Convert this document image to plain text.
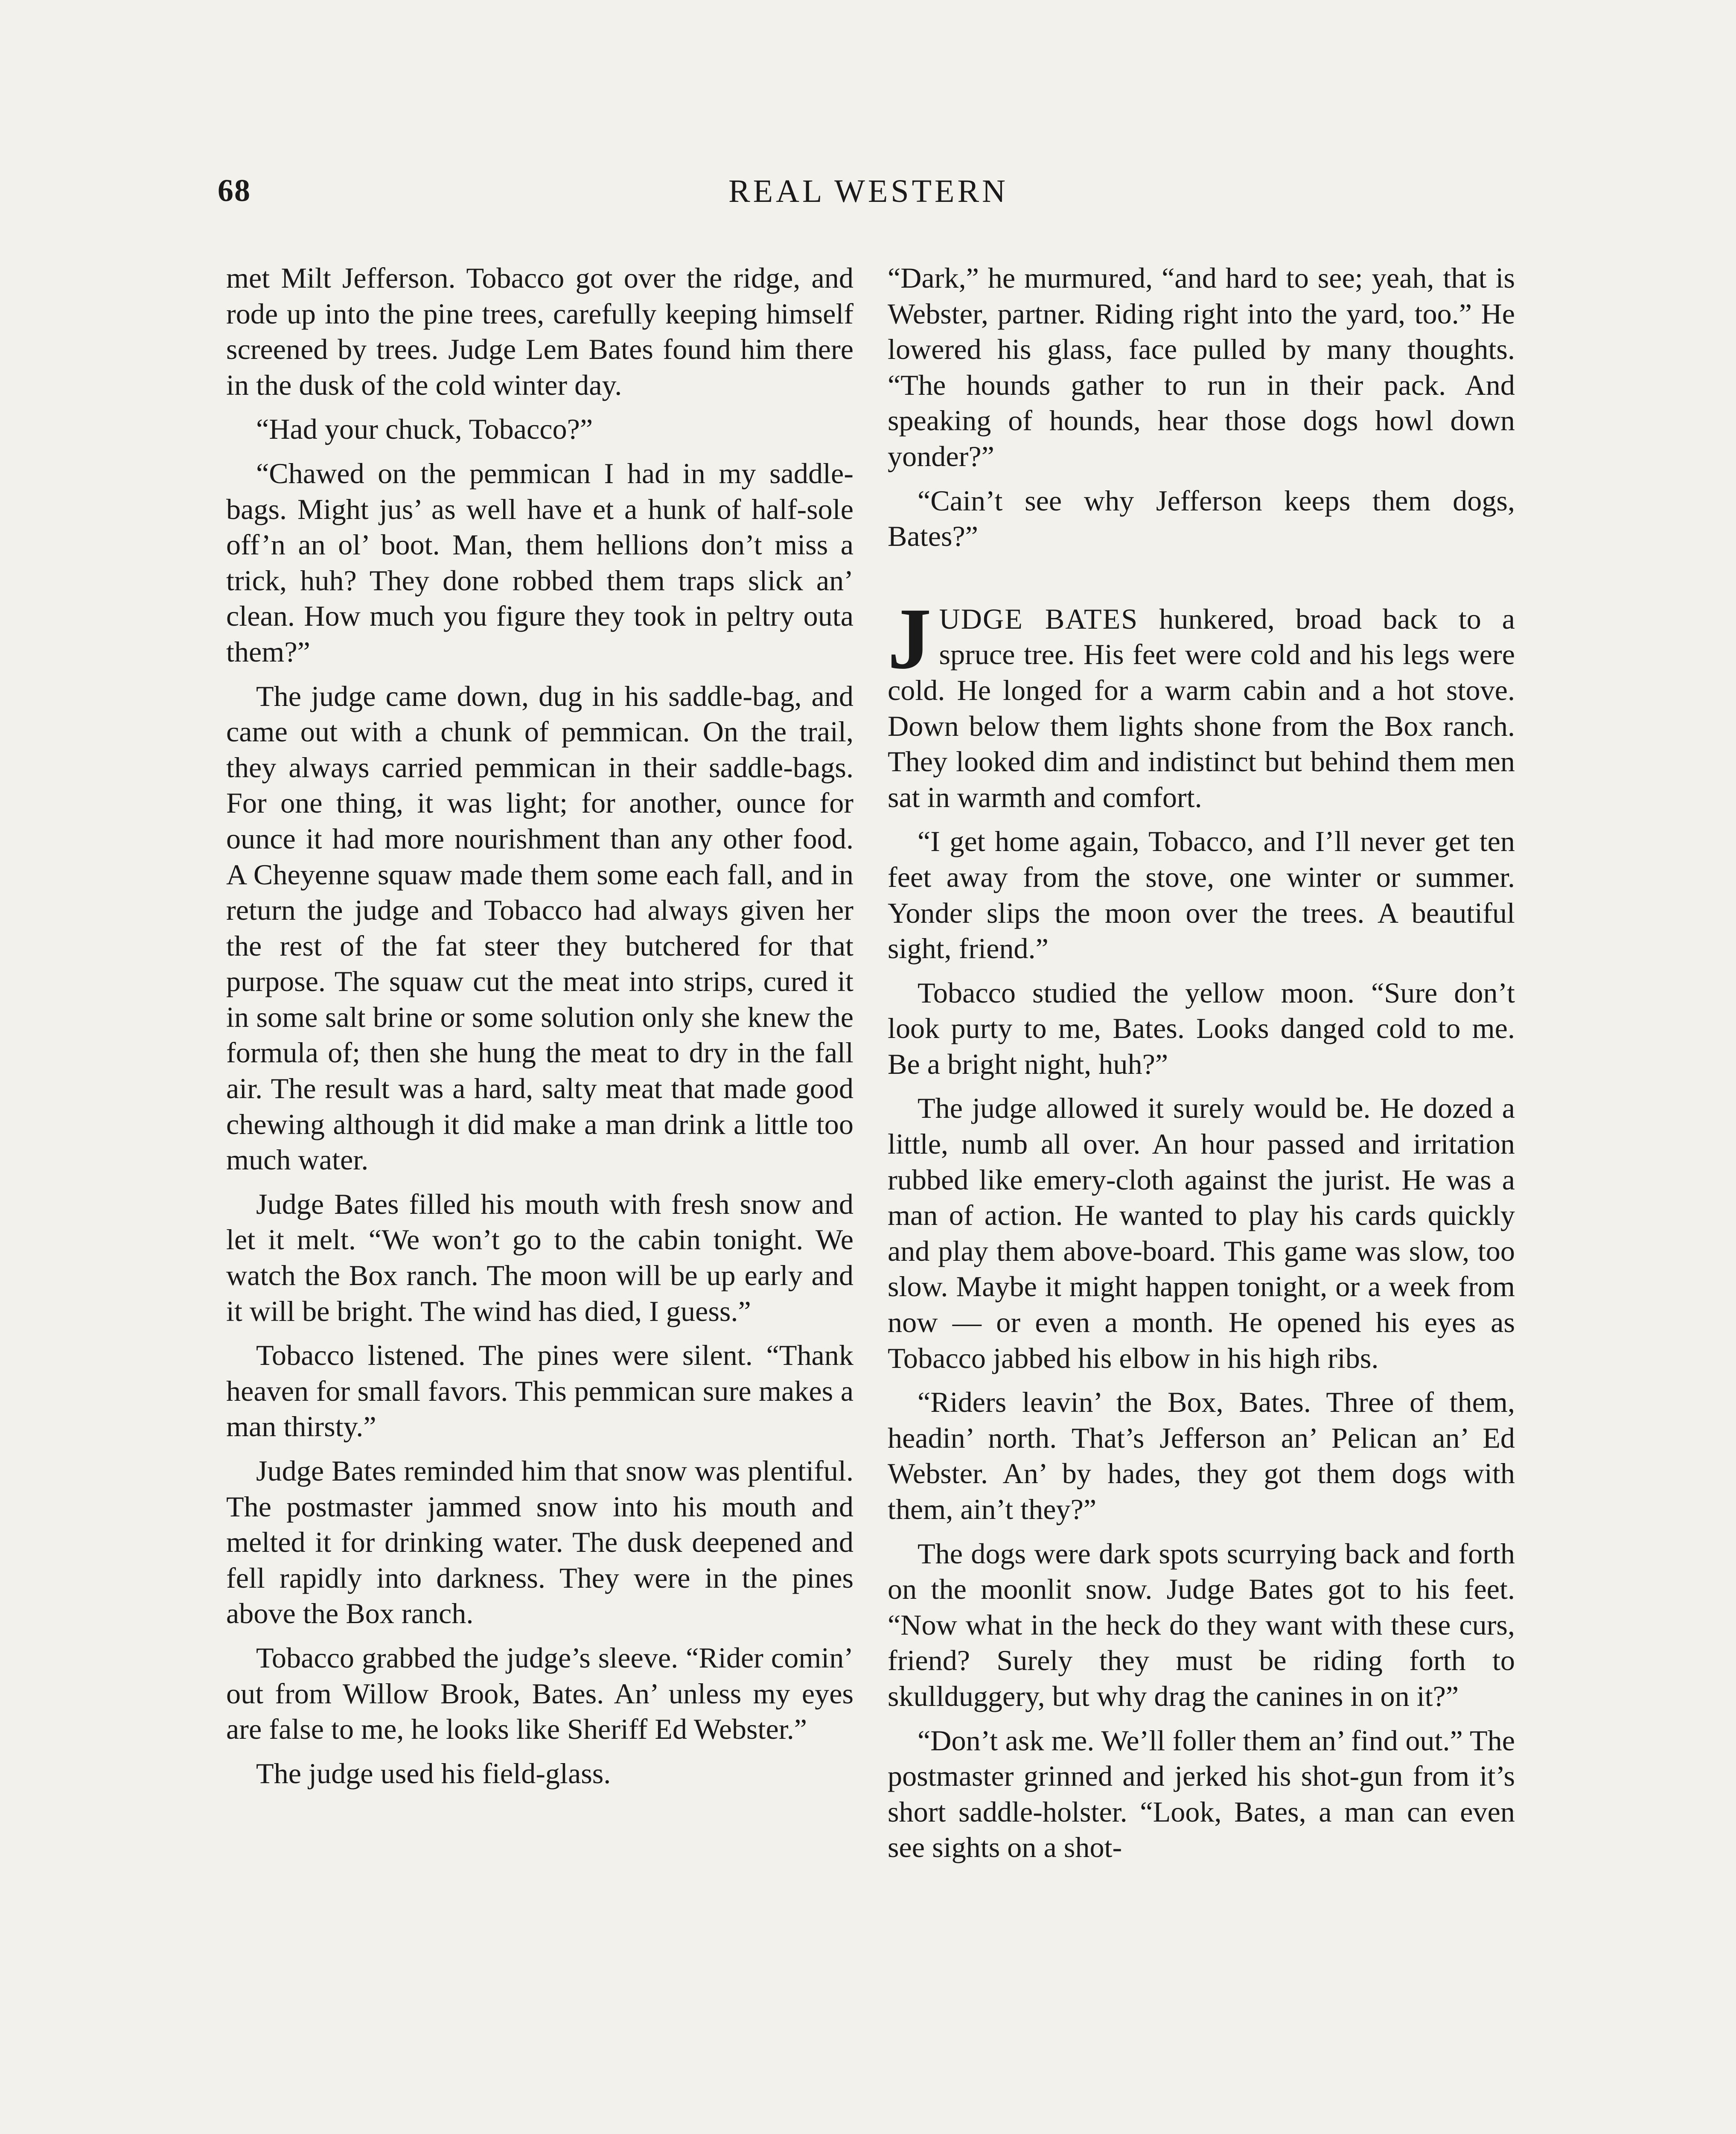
68	REAL WESTERN

met Milt Jefferson. Tobacco got over the ridge, and rode up into the pine trees, carefully keeping himself screened by trees. Judge Lem Bates found him there in the dusk of the cold winter day.

“Had your chuck, Tobacco?”

“Chawed on the pemmican I had in my saddle-bags. Might jus’ as well have et a hunk of half-sole off’n an ol’ boot. Man, them hellions don’t miss a trick, huh? They done robbed them traps slick an’ clean. How much you figure they took in peltry outa them?”

The judge came down, dug in his saddle-bag, and came out with a chunk of pemmican. On the trail, they always carried pemmican in their saddle-bags. For one thing, it was light; for another, ounce for ounce it had more nourishment than any other food. A Cheyenne squaw made them some each fall, and in return the judge and Tobacco had always given her the rest of the fat steer they butchered for that purpose. The squaw cut the meat into strips, cured it in some salt brine or some solution only she knew the formula of; then she hung the meat to dry in the fall air. The result was a hard, salty meat that made good chewing although it did make a man drink a little too much water.

Judge Bates filled his mouth with fresh snow and let it melt. “We won’t go to the cabin tonight. We watch the Box ranch. The moon will be up early and it will be bright. The wind has died, I guess.”

Tobacco listened. The pines were silent. “Thank heaven for small favors. This pemmican sure makes a man thirsty.”

Judge Bates reminded him that snow was plentiful. The postmaster jammed snow into his mouth and melted it for drinking water. The dusk deepened and fell rapidly into darkness. They were in the pines above the Box ranch.

Tobacco grabbed the judge’s sleeve. “Rider comin’ out from Willow Brook, Bates. An’ unless my eyes are false to me, he looks like Sheriff Ed Webster.”

The judge used his field-glass.

“Dark,” he murmured, “and hard to see; yeah, that is Webster, partner. Riding right into the yard, too.” He lowered his glass, face pulled by many thoughts. “The hounds gather to run in their pack. And speaking of hounds, hear those dogs howl down yonder?”

“Cain’t see why Jefferson keeps them dogs, Bates?”

JUDGE BATES hunkered, broad back to a spruce tree. His feet were cold and his legs were cold. He longed for a warm cabin and a hot stove. Down below them lights shone from the Box ranch. They looked dim and indistinct but behind them men sat in warmth and comfort.

“I get home again, Tobacco, and I’ll never get ten feet away from the stove, one winter or summer. Yonder slips the moon over the trees. A beautiful sight, friend.”

Tobacco studied the yellow moon. “Sure don’t look purty to me, Bates. Looks danged cold to me. Be a bright night, huh?”

The judge allowed it surely would be. He dozed a little, numb all over. An hour passed and irritation rubbed like emery-cloth against the jurist. He was a man of action. He wanted to play his cards quickly and play them above-board. This game was slow, too slow. Maybe it might happen tonight, or a week from now — or even a month. He opened his eyes as Tobacco jabbed his elbow in his high ribs.

“Riders leavin’ the Box, Bates. Three of them, headin’ north. That’s Jefferson an’ Pelican an’ Ed Webster. An’ by hades, they got them dogs with them, ain’t they?”

The dogs were dark spots scurrying back and forth on the moonlit snow. Judge Bates got to his feet. “Now what in the heck do they want with these curs, friend? Surely they must be riding forth to skullduggery, but why drag the canines in on it?”

“Don’t ask me. We’ll foller them an’ find out.” The postmaster grinned and jerked his shot-gun from it’s short saddle-holster. “Look, Bates, a man can even see sights on a shot-
